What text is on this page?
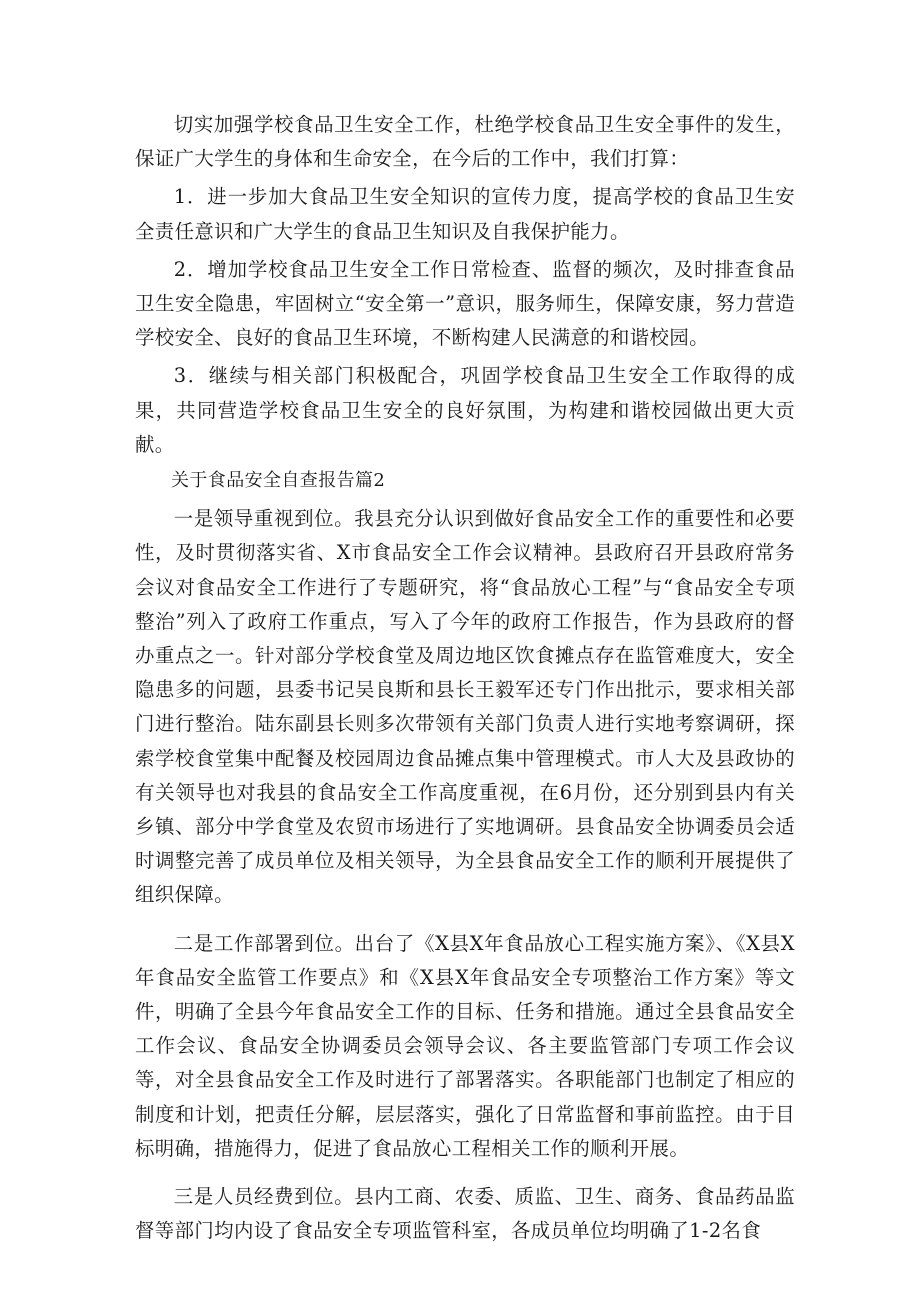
切实加强学校食品卫生安全工作，杜绝学校食品卫生安全事件的发生，保证广大学生的身体和生命安全，在今后的工作中，我们打算：

1．进一步加大食品卫生安全知识的宣传力度，提高学校的食品卫生安全责任意识和广大学生的食品卫生知识及自我保护能力。

2．增加学校食品卫生安全工作日常检查、监督的频次，及时排查食品卫生安全隐患，牢固树立“安全第一”意识，服务师生，保障安康，努力营造学校安全、良好的食品卫生环境，不断构建人民满意的和谐校园。

3．继续与相关部门积极配合，巩固学校食品卫生安全工作取得的成果，共同营造学校食品卫生安全的良好氛围，为构建和谐校园做出更大贡献。

关于食品安全自查报告篇2

一是领导重视到位。我县充分认识到做好食品安全工作的重要性和必要性，及时贯彻落实省、X市食品安全工作会议精神。县政府召开县政府常务会议对食品安全工作进行了专题研究，将“食品放心工程”与“食品安全专项整治”列入了政府工作重点，写入了今年的政府工作报告，作为县政府的督办重点之一。针对部分学校食堂及周边地区饮食摊点存在监管难度大，安全隐患多的问题，县委书记吴良斯和县长王毅军还专门作出批示，要求相关部门进行整治。陆东副县长则多次带领有关部门负责人进行实地考察调研，探索学校食堂集中配餐及校园周边食品摊点集中管理模式。市人大及县政协的有关领导也对我县的食品安全工作高度重视，在6月份，还分别到县内有关乡镇、部分中学食堂及农贸市场进行了实地调研。县食品安全协调委员会适时调整完善了成员单位及相关领导，为全县食品安全工作的顺利开展提供了组织保障。

二是工作部署到位。出台了《X县X年食品放心工程实施方案》、《X县X年食品安全监管工作要点》和《X县X年食品安全专项整治工作方案》等文件，明确了全县今年食品安全工作的目标、任务和措施。通过全县食品安全工作会议、食品安全协调委员会领导会议、各主要监管部门专项工作会议等，对全县食品安全工作及时进行了部署落实。各职能部门也制定了相应的制度和计划，把责任分解，层层落实，强化了日常监督和事前监控。由于目标明确，措施得力，促进了食品放心工程相关工作的顺利开展。

三是人员经费到位。县内工商、农委、质监、卫生、商务、食品药品监督等部门均内设了食品安全专项监管科室，各成员单位均明确了1-2名食
